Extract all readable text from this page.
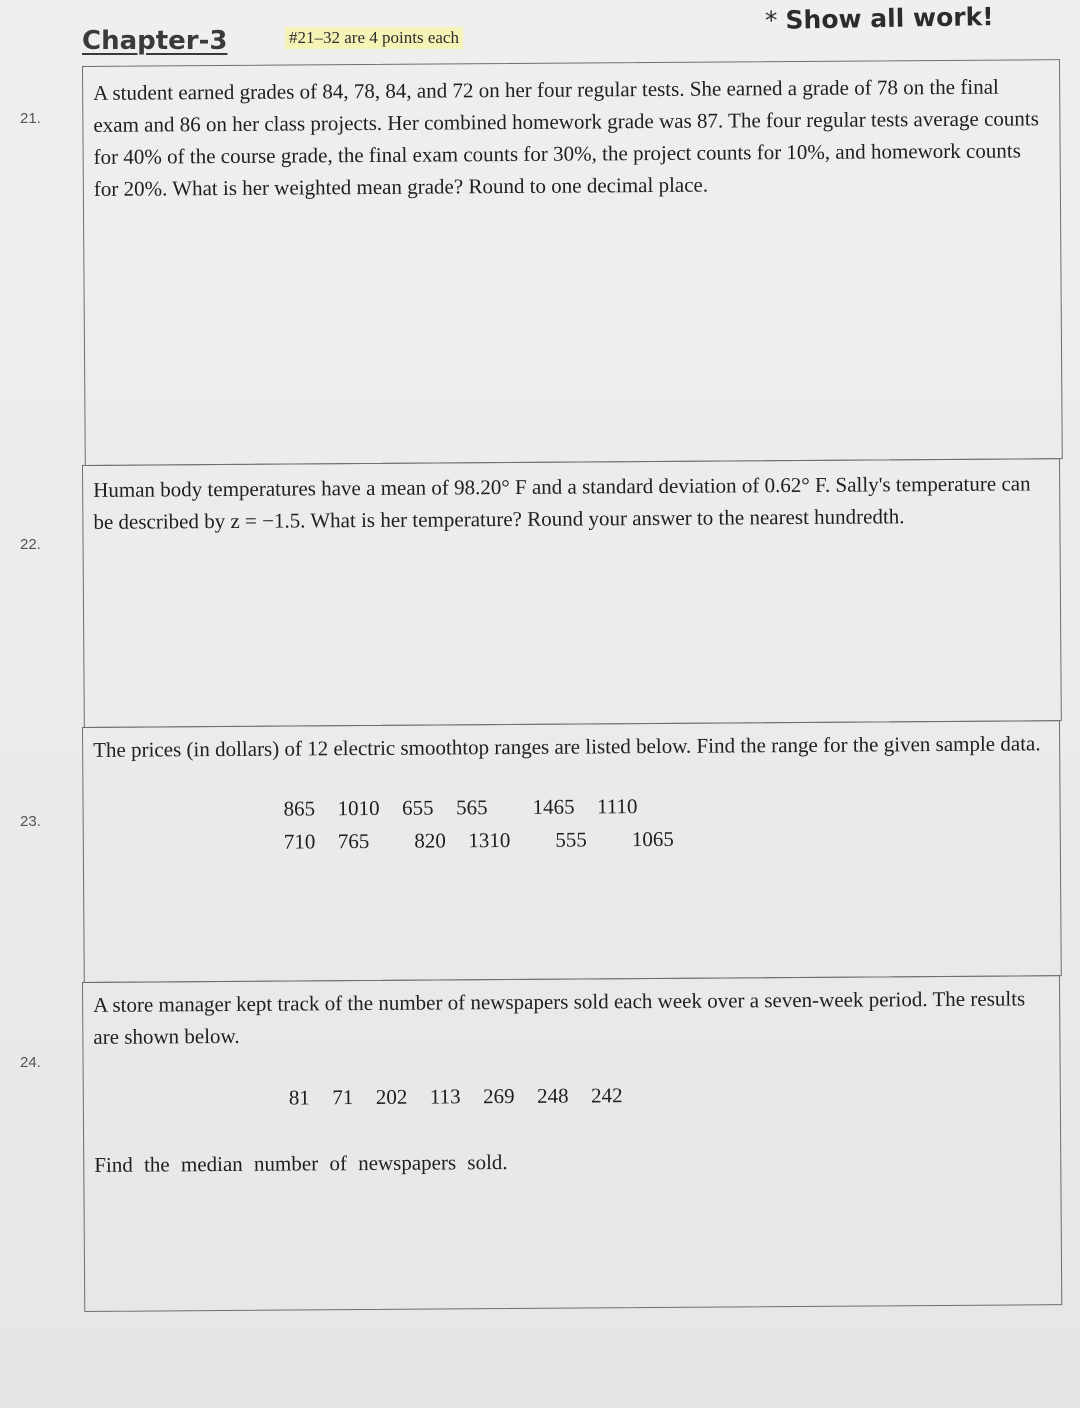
Chapter-3	#21–32 are 4 points each
* Show all work!

21.
A student earned grades of 84, 78, 84, and 72 on her four regular tests. She earned a grade of 78 on the final exam and 86 on her class projects. Her combined homework grade was 87. The four regular tests average counts for 40% of the course grade, the final exam counts for 30%, the project counts for 10%, and homework counts for 20%. What is her weighted mean grade? Round to one decimal place.
22.
Human body temperatures have a mean of 98.20° F and a standard deviation of 0.62° F. Sally's temperature can be described by z = −1.5. What is her temperature? Round your answer to the nearest hundredth.
23.
The prices (in dollars) of 12 electric smoothtop ranges are listed below. Find the range for the given sample data.
865  1010  655  565    1465  1110
710  765    820  1310    555    1065
24.
A store manager kept track of the number of newspapers sold each week over a seven-week period. The results are shown below.
81  71  202  113  269  248  242
Find the median number of newspapers sold.
